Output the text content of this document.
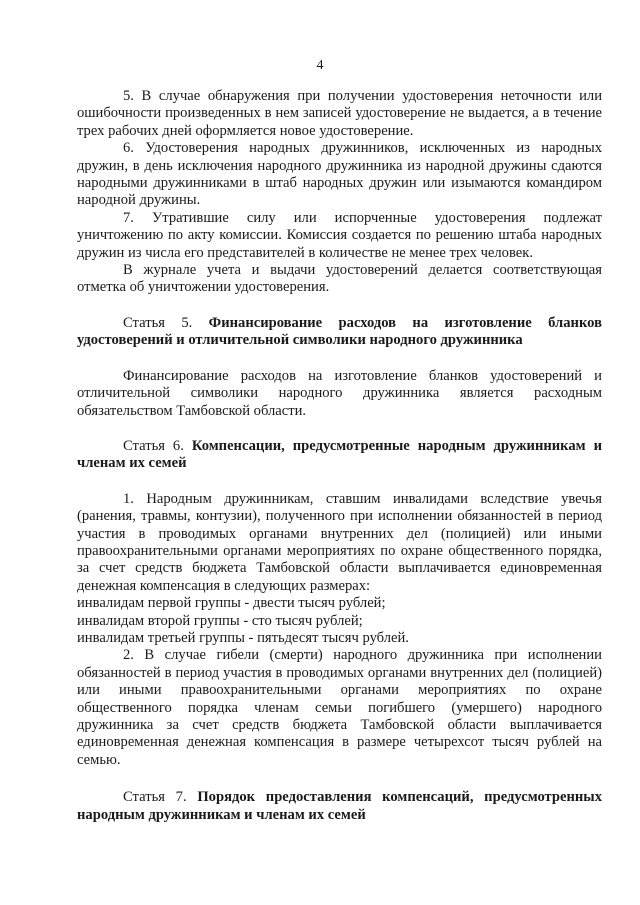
4

5. В случае обнаружения при получении удостоверения неточности или ошибочности произведенных в нем записей удостоверение не выдается, а в течение трех рабочих дней оформляется новое удостоверение.

6. Удостоверения народных дружинников, исключенных из народных дружин, в день исключения народного дружинника из народной дружины сдаются народными дружинниками в штаб народных дружин или изымаются командиром народной дружины.

7. Утратившие силу или испорченные удостоверения подлежат уничтожению по акту комиссии. Комиссия создается по решению штаба народных дружин из числа его представителей в количестве не менее трех человек.

В журнале учета и выдачи удостоверений делается соответствующая отметка об уничтожении удостоверения.

Статья 5. Финансирование расходов на изготовление бланков удостоверений и отличительной символики народного дружинника

Финансирование расходов на изготовление бланков удостоверений и отличительной символики народного дружинника является расходным обязательством Тамбовской области.

Статья 6. Компенсации, предусмотренные народным дружинникам и членам их семей

1. Народным дружинникам, ставшим инвалидами вследствие увечья (ранения, травмы, контузии), полученного при исполнении обязанностей в период участия в проводимых органами внутренних дел (полицией) или иными правоохранительными органами мероприятиях по охране общественного порядка, за счет средств бюджета Тамбовской области выплачивается единовременная денежная компенсация в следующих размерах:

инвалидам первой группы - двести тысяч рублей;

инвалидам второй группы - сто тысяч рублей;

инвалидам третьей группы - пятьдесят тысяч рублей.

2. В случае гибели (смерти) народного дружинника при исполнении обязанностей в период участия в проводимых органами внутренних дел (полицией) или иными правоохранительными органами мероприятиях по охране общественного порядка членам семьи погибшего (умершего) народного дружинника за счет средств бюджета Тамбовской области выплачивается единовременная денежная компенсация в размере четырехсот тысяч рублей на семью.

Статья 7. Порядок предоставления компенсаций, предусмотренных народным дружинникам и членам их семей
